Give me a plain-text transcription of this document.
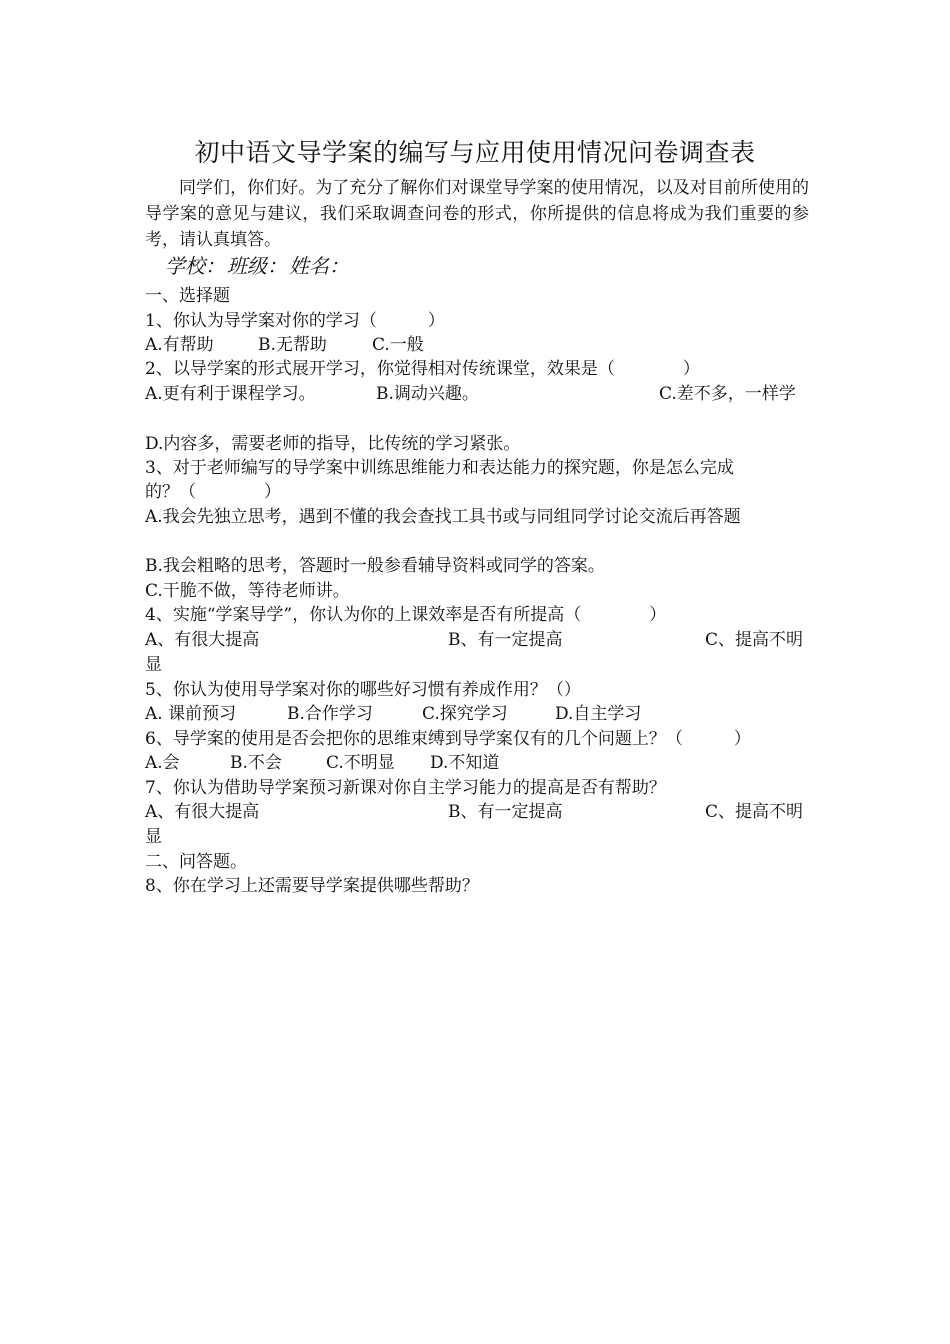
初中语文导学案的编写与应用使用情况问卷调查表
同学们，你们好。为了充分了解你们对课堂导学案的使用情况，以及对目前所使用的导学案的意见与建议，我们采取调查问卷的形式，你所提供的信息将成为我们重要的参考，请认真填答。
学校： 班级： 姓名：
一、选择题
1、你认为导学案对你的学习（　　　）
A.有帮助	B.无帮助	C.一般
2、以导学案的形式展开学习，你觉得相对传统课堂，效果是（　　　　）
A.更有利于课程学习。	B.调动兴趣。	C.差不多，一样学
D.内容多，需要老师的指导，比传统的学习紧张。
3、对于老师编写的导学案中训练思维能力和表达能力的探究题，你是怎么完成
的？（　　　　）
A.我会先独立思考，遇到不懂的我会查找工具书或与同组同学讨论交流后再答题
B.我会粗略的思考，答题时一般参看辅导资料或同学的答案。
C.干脆不做，等待老师讲。
4、实施“学案导学”，你认为你的上课效率是否有所提高（　　　　）
A、有很大提高	B、有一定提高	C、提高不明
显
5、你认为使用导学案对你的哪些好习惯有养成作用？（）
A. 课前预习	B.合作学习	C.探究学习	D.自主学习
6、导学案的使用是否会把你的思维束缚到导学案仅有的几个问题上？（　　　）
A.会	B.不会	C.不明显 D.不知道
7、你认为借助导学案预习新课对你自主学习能力的提高是否有帮助？
A、有很大提高	B、有一定提高	C、提高不明
显
二、问答题。
8、你在学习上还需要导学案提供哪些帮助？
